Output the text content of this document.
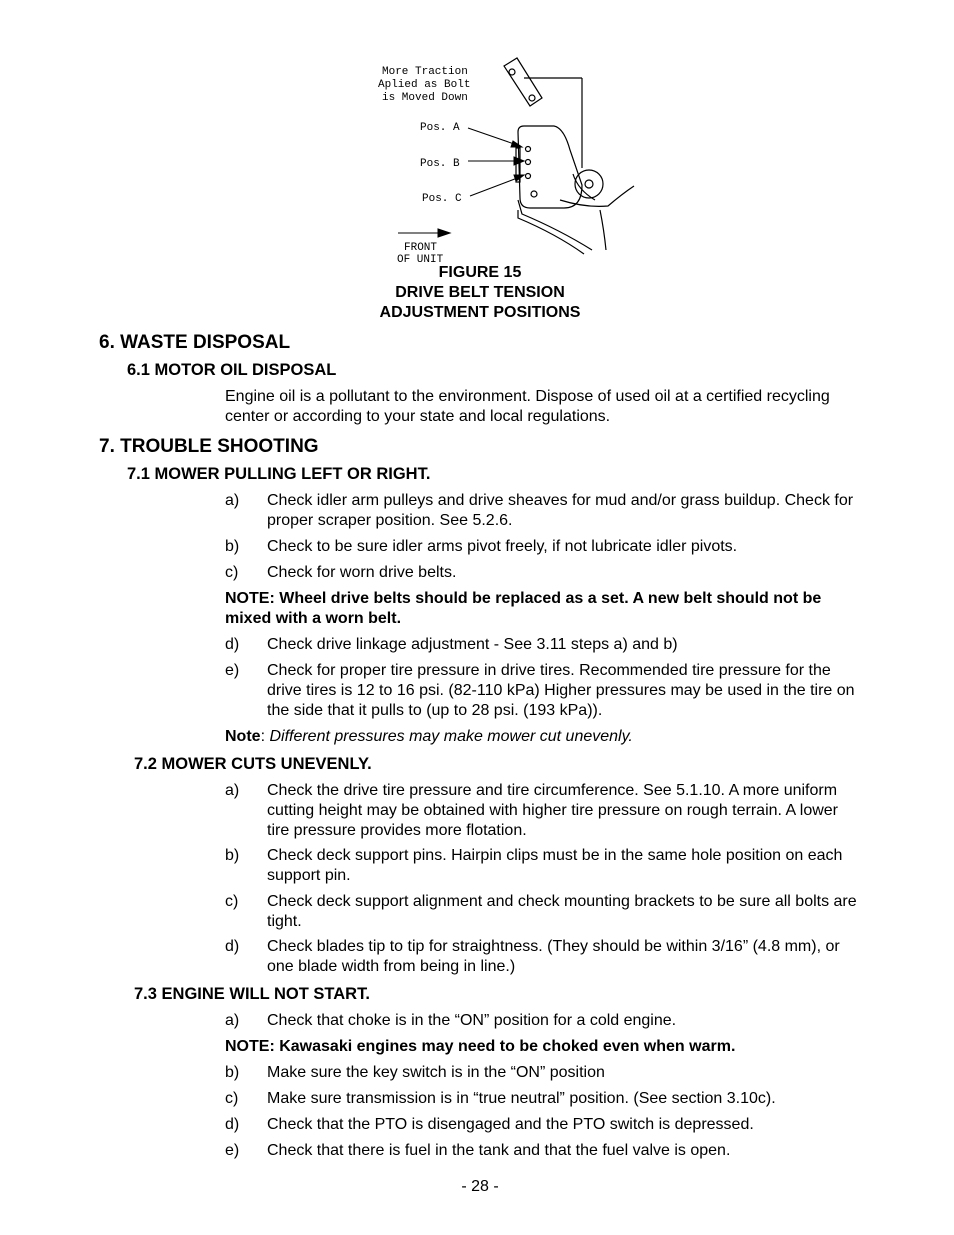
More Traction
Aplied as Bolt
is Moved Down
Pos. A
Pos. B
Pos. C
FRONT
OF UNIT
FIGURE 15
DRIVE BELT TENSION
ADJUSTMENT POSITIONS
6. WASTE DISPOSAL
6.1 MOTOR OIL DISPOSAL
Engine oil is a pollutant to the environment. Dispose of used oil at a certified recycling center or according to your state and local regulations.
7. TROUBLE SHOOTING
7.1 MOWER PULLING LEFT OR RIGHT.
a) Check idler arm pulleys and drive sheaves for mud and/or grass buildup. Check for proper scraper position. See 5.2.6.
b) Check to be sure idler arms pivot freely, if not lubricate idler pivots.
c) Check for worn drive belts.
NOTE: Wheel drive belts should be replaced as a set. A new belt should not be mixed with a worn belt.
d) Check drive linkage adjustment - See 3.11 steps a) and b)
e) Check for proper tire pressure in drive tires. Recommended tire pressure for the drive tires is 12 to 16 psi. (82-110 kPa) Higher pressures may be used in the tire on the side that it pulls to (up to 28 psi. (193 kPa)).
Note: Different pressures may make mower cut unevenly.
7.2 MOWER CUTS UNEVENLY.
a) Check the drive tire pressure and tire circumference. See 5.1.10. A more uniform cutting height may be obtained with higher tire pressure on rough terrain. A lower tire pressure provides more flotation.
b) Check deck support pins. Hairpin clips must be in the same hole position on each support pin.
c) Check deck support alignment and check mounting brackets to be sure all bolts are tight.
d) Check blades tip to tip for straightness. (They should be within 3/16” (4.8 mm), or one blade width from being in line.)
7.3 ENGINE WILL NOT START.
a) Check that choke is in the “ON” position for a cold engine.
NOTE: Kawasaki engines may need to be choked even when warm.
b) Make sure the key switch is in the “ON” position
c) Make sure transmission is in “true neutral” position. (See section 3.10c).
d) Check that the PTO is disengaged and the PTO switch is depressed.
e) Check that there is fuel in the tank and that the fuel valve is open.
- 28 -
